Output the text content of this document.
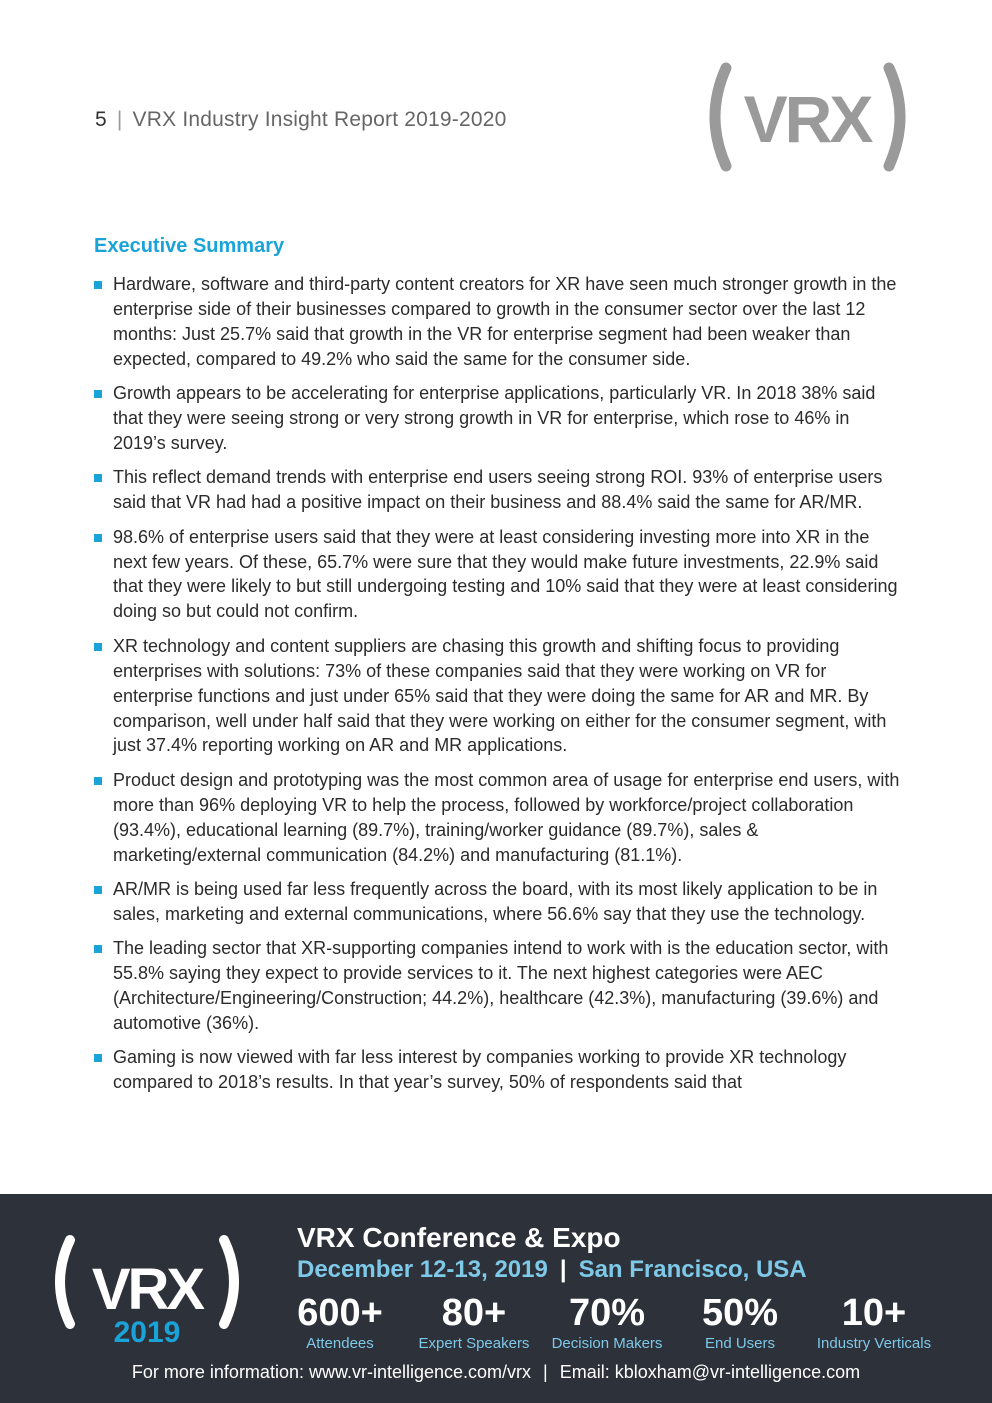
5 | VRX Industry Insight Report 2019-2020	VRX
Executive Summary
Hardware, software and third-party content creators for XR have seen much stronger growth in the enterprise side of their businesses compared to growth in the consumer sector over the last 12 months: Just 25.7% said that growth in the VR for enterprise segment had been weaker than expected, compared to 49.2% who said the same for the consumer side.
Growth appears to be accelerating for enterprise applications, particularly VR. In 2018 38% said that they were seeing strong or very strong growth in VR for enterprise, which rose to 46% in 2019’s survey.
This reflect demand trends with enterprise end users seeing strong ROI. 93% of enterprise users said that VR had had a positive impact on their business and 88.4% said the same for AR/MR.
98.6% of enterprise users said that they were at least considering investing more into XR in the next few years. Of these, 65.7% were sure that they would make future investments, 22.9% said that they were likely to but still undergoing testing and 10% said that they were at least considering doing so but could not confirm.
XR technology and content suppliers are chasing this growth and shifting focus to providing enterprises with solutions: 73% of these companies said that they were working on VR for enterprise functions and just under 65% said that they were doing the same for AR and MR. By comparison, well under half said that they were working on either for the consumer segment, with just 37.4% reporting working on AR and MR applications.
Product design and prototyping was the most common area of usage for enterprise end users, with more than 96% deploying VR to help the process, followed by workforce/project collaboration (93.4%), educational learning (89.7%), training/worker guidance (89.7%), sales & marketing/external communication (84.2%) and manufacturing (81.1%).
AR/MR is being used far less frequently across the board, with its most likely application to be in sales, marketing and external communications, where 56.6% say that they use the technology.
The leading sector that XR-supporting companies intend to work with is the education sector, with 55.8% saying they expect to provide services to it. The next highest categories were AEC (Architecture/Engineering/Construction; 44.2%), healthcare (42.3%), manufacturing (39.6%) and automotive (36%).
Gaming is now viewed with far less interest by companies working to provide XR technology compared to 2018’s results. In that year’s survey, 50% of respondents said that
VRX
2019
VRX Conference & Expo
December 12-13, 2019 | San Francisco, USA
600+
Attendees
80+
Expert Speakers
70%
Decision Makers
50%
End Users
10+
Industry Verticals
For more information: www.vr-intelligence.com/vrx | Email: kbloxham@vr-intelligence.com
